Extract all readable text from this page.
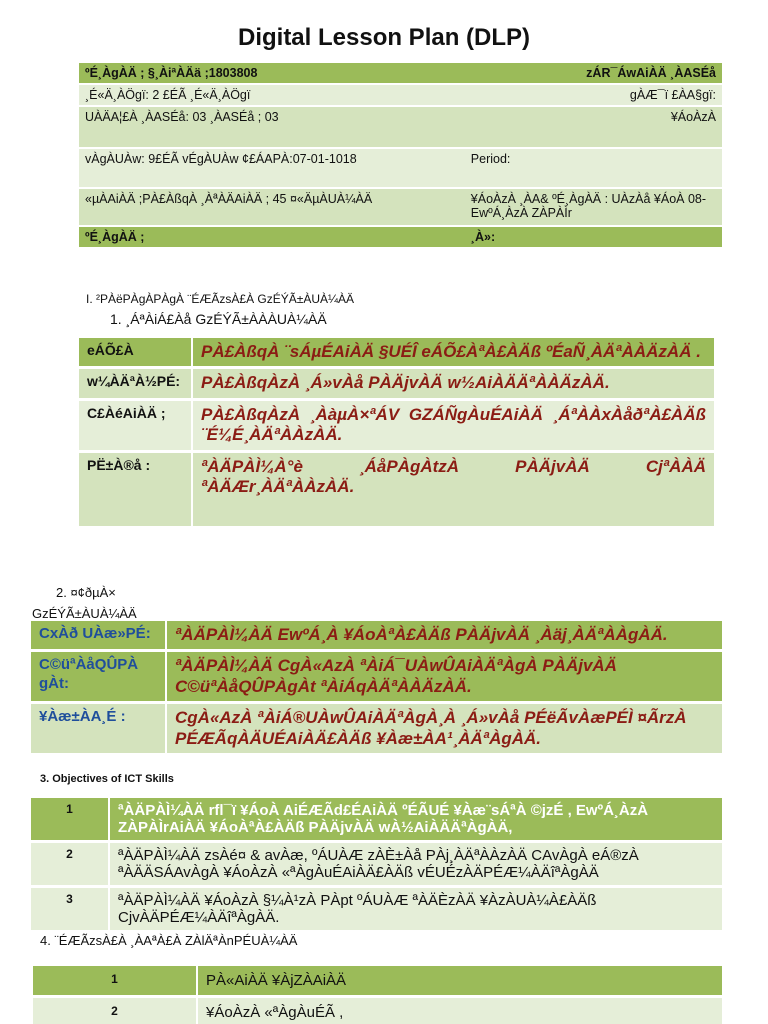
Digital Lesson Plan (DLP)
ºÉ¸ÀgÀÄ ; §¸ÀiªÀÄä ;1803808	zÁR¯ÁwAiÀÄ ¸ÀASÉå
¸É«Ä¸ÀÖgï: 2 £ÉÃ ¸É«Ä¸ÀÖgï	gÀÆ¯ï £ÀA§gï:
UÀÄA¦£À ¸ÀASÉå: 03 ¸ÀASÉå ; 03	¥ÁoÀzÀ
vÀgÀUÀw: 9£ÉÃ vÉgÀUÀw ¢£ÁAPÀ:07-01-1018	Period:
«µÀAiÀÄ ;PÀ£ÀßqÀ ¸ÀªÀÄAiÀÄ ; 45 ¤«ÄµÀUÀ¼ÀÄ	¥ÁoÀzÀ ¸ÀA& ºÉ¸ÀgÀÄ : UÀzÀå ¥ÁoÀ 08- EwºÁ¸ÀzÀ ZÀPÀÌr
ºÉ¸ÀgÀÄ ;	¸À»:
I. ²PÀëPÀgÀPÀgÀ ¨ÉÆÃzsÀ£À GzÉÝÃ±ÀUÀ¼ÀÄ
1. ¸ÁªÀiÁ£Àå GzÉÝÃ±ÀÀÀUÀ¼ÀÄ
eÁÕ£À	PÀ£ÀßqÀ ¨sÁµÉAiÀÄ §UÉÎ eÁÕ£ÀªÀ£ÀÄß ºÉaÑ¸ÀÄªÀÀÄzÀÄ .
w¼ÀÄªÀ½PÉ:	PÀ£ÀßqÀzÀ ¸Á»vÀå PÀÄjvÀÄ w½AiÀÄÄªÀÀÄzÀÄ.
C£ÀéAiÀÄ ;	PÀ£ÀßqÀzÀ ¸ÀàµÀ×ªÁV GZÁÑgÀuÉAiÀÄ ¸ÁªÀÀxÀåðªÀ£ÀÄß ¨É¼É¸ÀÄªÀÀzÀÄ.
PË±À®å :	ªÀÄPÀÌ¼À°è ¸ÁåPÀgÀtzÀ PÀÄjvÀÄ CjªÀÀÄ ªÀÄÆr¸ÀÄªÀÀzÀÄ.
2. ¤¢ðµÀ×
GzÉÝÃ±ÀUÀ¼ÀÄ
CxÀð UÀæ»PÉ:	ªÀÄPÀÌ¼ÀÄ EwºÁ¸À ¥ÁoÀªÀ£ÀÄß PÀÄjvÀÄ ¸Àäj¸ÀÄªÀÀgÀÄ.
C©üªÀåQÛPÀ gÀt:	ªÀÄPÀÌ¼ÀÄ CgÀ«AzÀ ªÀiÁ¯UÀwÛAiÀÄªÀgÀ PÀÄjvÀÄ C©üªÀåQÛPÀgÀt ªÀiÁqÀÄªÀÀÄzÀÄ.
¥Àæ±ÀA¸É :	CgÀ«AzÀ ªÀiÁ®UÀwÛAiÀÄªÀgÀ¸À ¸Á»vÀå PÉëÃvÀæPÉÌ ¤ÃrzÀ PÉÆÃqÀÄUÉAiÀÄ£ÀÄß ¥Àæ±ÀA¹¸ÀÄªÀgÀÄ.
3. Objectives of ICT Skills
1	ªÀÄPÀÌ¼ÀÄ rfl¯ï ¥ÁoÀ AiÉÆÃd£ÉAiÀÄ ºÉÃUÉ ¥Àæ¨sÁªÀ ©jzÉ , EwºÁ¸ÀzÀ ZÀPÀÌrAiÀÄ ¥ÁoÀªÀ£ÀÄß PÀÄjvÀÄ wÀ½AiÀÄÄªÀgÀÄ,
2	ªÀÄPÀÌ¼ÀÄ zsÀé¤ & avÀæ, ºÁUÀÆ zÀÈ±Àå PÀj¸ÀÄªÀÀzÀÄ CAvÀgÀ eÁ®zÀ ªÀÄÄSÁAvÀgÀ ¥ÁoÀzÀ «ªÀgÀuÉAiÀÄ£ÀÄß vÉUÉzÀÄPÉÆ¼ÀÄîªÀgÀÄ
3	ªÀÄPÀÌ¼ÀÄ ¥ÁoÀzÀ §¼À¹zÀ PÀpt ºÁUÀÆ ªÀÄÈzÀÄ ¥ÀzÀUÀ¼À£ÀÄß CjvÀÄPÉÆ¼ÀÄîªÀgÀÄ.
4. ¨ÉÆÃzsÀ£À ¸ÀAªÀ£À ZÀlÄªÀnPÉUÀ¼ÀÄ
1	PÀ«AiÀÄ ¥ÀjZÀAiÀÄ
2	¥ÁoÀzÀ «ªÀgÀuÉÃ ,
